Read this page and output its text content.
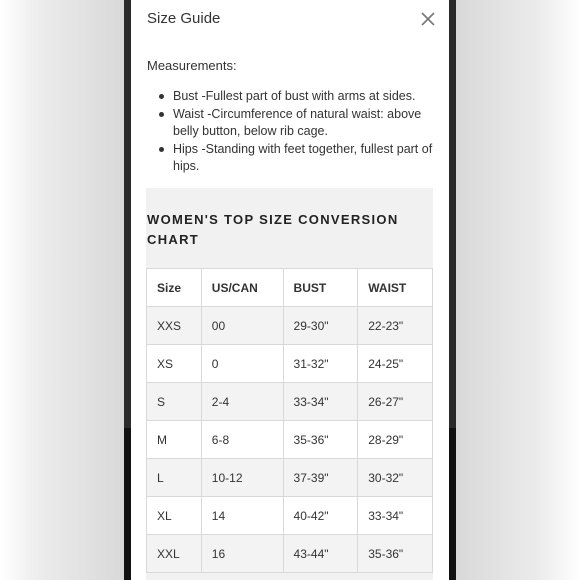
Size Guide
Measurements:
Bust -Fullest part of bust with arms at sides.
Waist -Circumference of natural waist: above belly button, below rib cage.
Hips -Standing with feet together, fullest part of hips.
WOMEN'S TOP SIZE CONVERSION CHART
Size	US/CAN	BUST	WAIST
XXS	00	29-30"	22-23"
XS	0	31-32"	24-25"
S	2-4	33-34"	26-27"
M	6-8	35-36"	28-29"
L	10-12	37-39"	30-32"
XL	14	40-42"	33-34"
XXL	16	43-44"	35-36"
